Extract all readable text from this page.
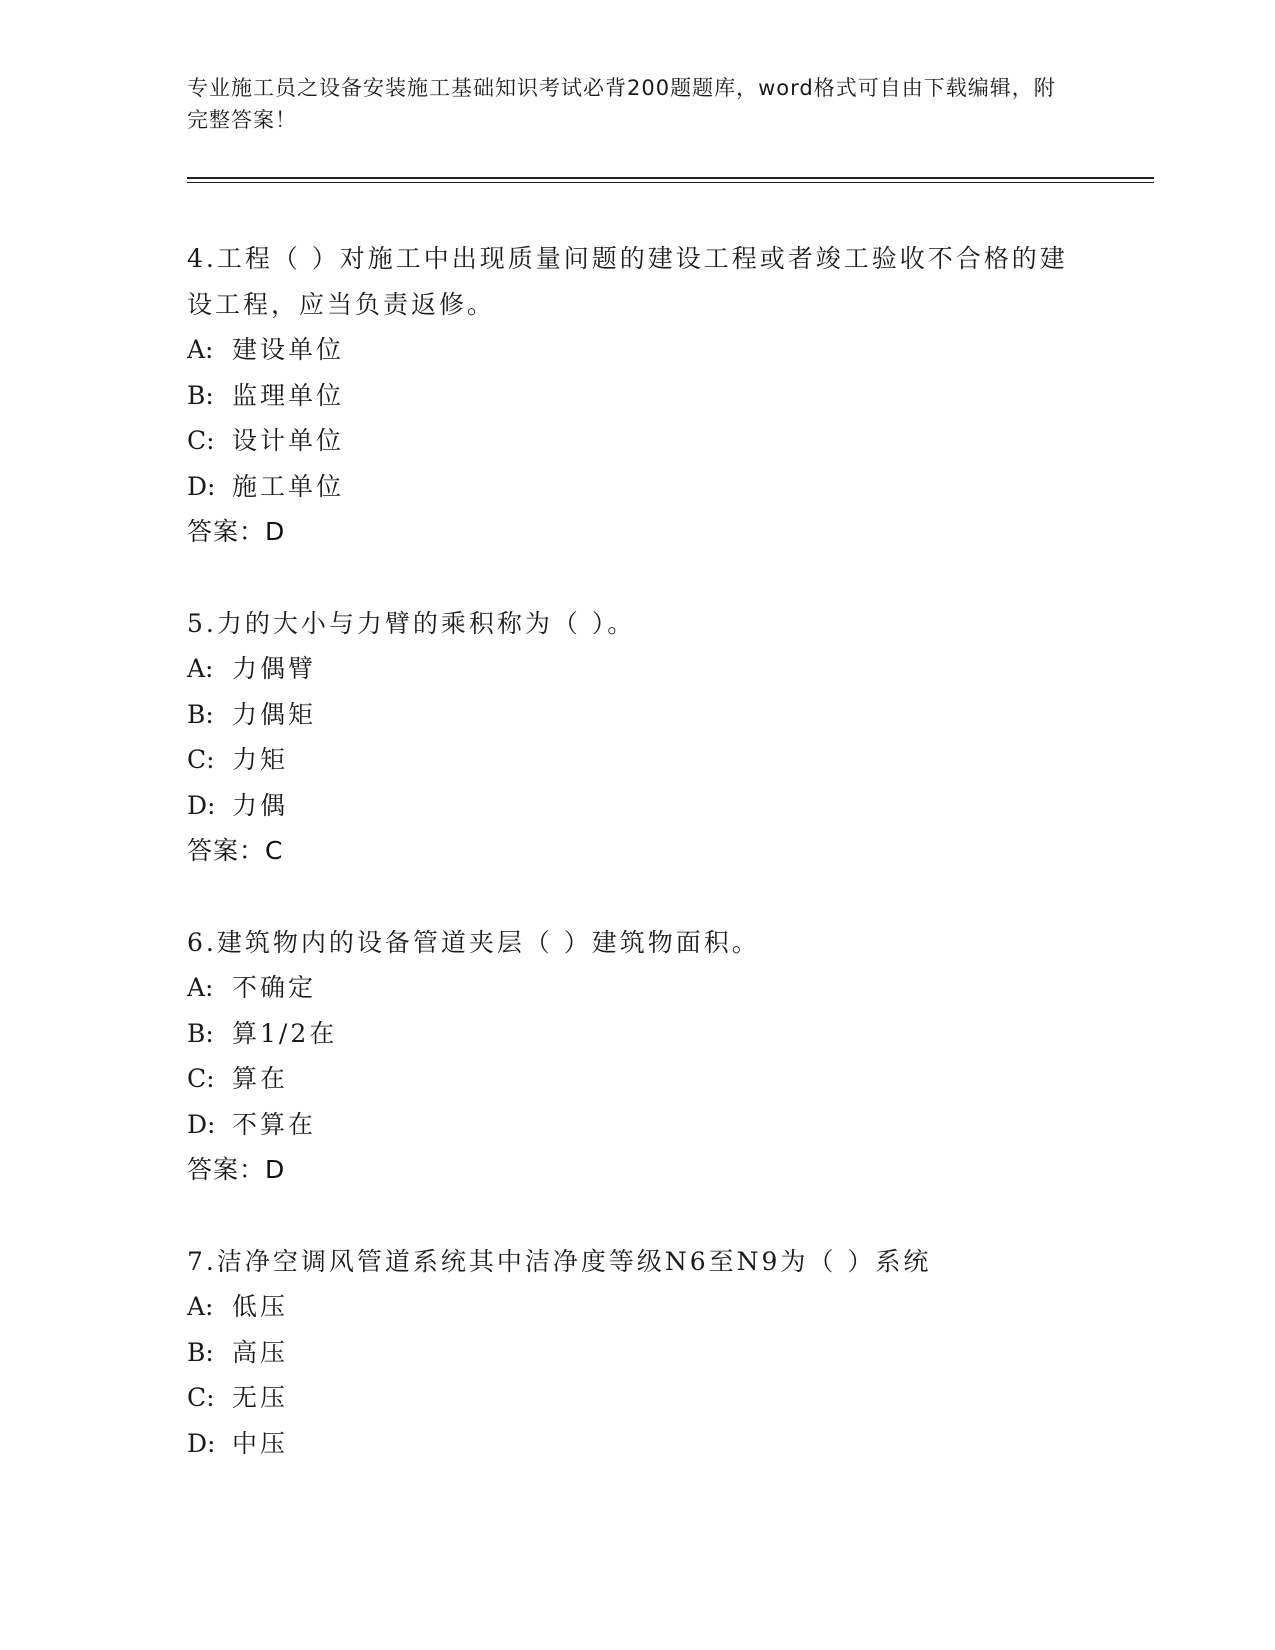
专业施工员之设备安装施工基础知识考试必背200题题库，word格式可自由下载编辑，附完整答案！
4.工程（ ）对施工中出现质量问题的建设工程或者竣工验收不合格的建设工程，应当负责返修。
A: 建设单位
B: 监理单位
C: 设计单位
D: 施工单位
答案：D
5.力的大小与力臂的乘积称为（ ）。
A: 力偶臂
B: 力偶矩
C: 力矩
D: 力偶
答案：C
6.建筑物内的设备管道夹层（ ）建筑物面积。
A: 不确定
B: 算1/2在
C: 算在
D: 不算在
答案：D
7.洁净空调风管道系统其中洁净度等级N6至N9为（ ）系统
A: 低压
B: 高压
C: 无压
D: 中压
